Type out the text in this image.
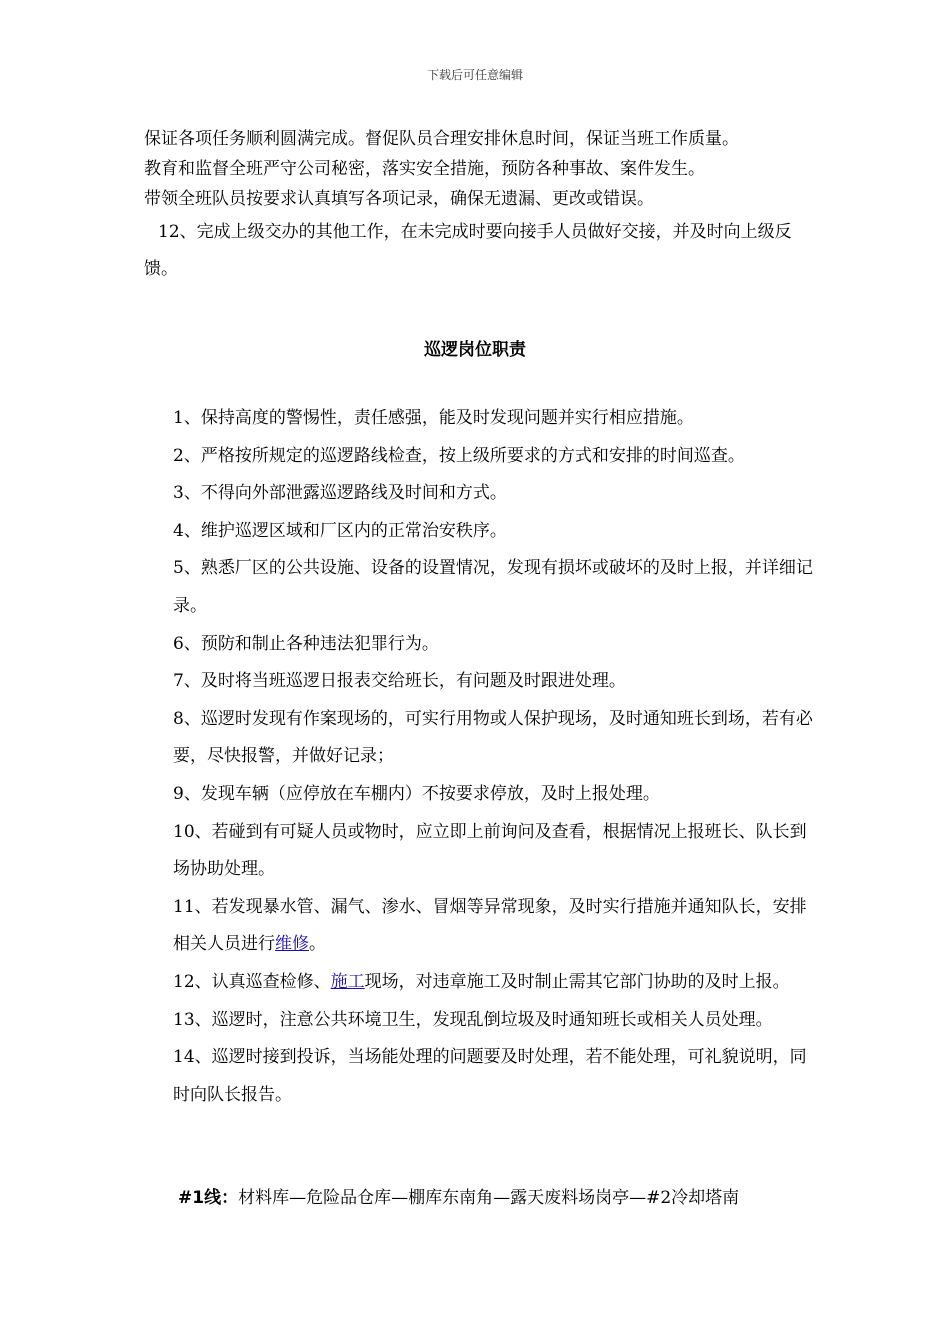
下载后可任意编辑
保证各项任务顺利圆满完成。督促队员合理安排休息时间，保证当班工作质量。
教育和监督全班严守公司秘密，落实安全措施，预防各种事故、案件发生。
带领全班队员按要求认真填写各项记录，确保无遗漏、更改或错误。
12、完成上级交办的其他工作，在未完成时要向接手人员做好交接，并及时向上级反馈。
巡逻岗位职责

1、保持高度的警惕性，责任感强，能及时发现问题并实行相应措施。

2、严格按所规定的巡逻路线检查，按上级所要求的方式和安排的时间巡查。

3、不得向外部泄露巡逻路线及时间和方式。

4、维护巡逻区域和厂区内的正常治安秩序。

5、熟悉厂区的公共设施、设备的设置情况，发现有损坏或破坏的及时上报，并详细记录。

6、预防和制止各种违法犯罪行为。

7、及时将当班巡逻日报表交给班长，有问题及时跟进处理。

8、巡逻时发现有作案现场的，可实行用物或人保护现场，及时通知班长到场，若有必要，尽快报警，并做好记录；

9、发现车辆（应停放在车棚内）不按要求停放，及时上报处理。

10、若碰到有可疑人员或物时，应立即上前询问及查看，根据情况上报班长、队长到场协助处理。

11、若发现暴水管、漏气、渗水、冒烟等异常现象，及时实行措施并通知队长，安排相关人员进行维修。

12、认真巡查检修、施工现场，对违章施工及时制止需其它部门协助的及时上报。

13、巡逻时，注意公共环境卫生，发现乱倒垃圾及时通知班长或相关人员处理。

14、巡逻时接到投诉，当场能处理的问题要及时处理，若不能处理，可礼貌说明，同时向队长报告。

#1线：材料库—危险品仓库—棚库东南角—露天废料场岗亭—#2冷却塔南
